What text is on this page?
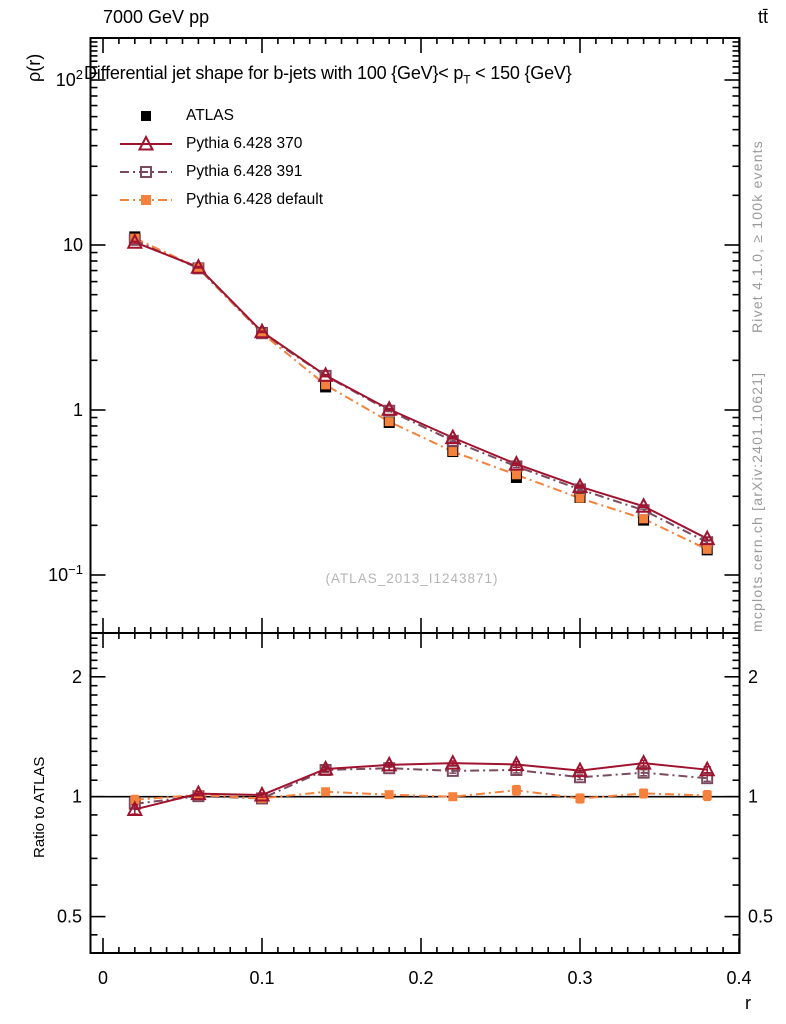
7000 GeV pp	tt̄
ρ(r)
Ratio to ATLAS
Rivet 4.1.0, ≥ 100k events
mcplots.cern.ch [arXiv:2401.10621]
0	0.1	0.2	0.3	0.4
r
$10^2$
10
1
$10^{-1}$
2	2
1	1
0.5	0.5
Differential jet shape for b-jets with 100 $\{GeV\}< p_T < 150$ {GeV}
(ATLAS_2013_I1243871)
ATLAS
Pythia 6.428 370
Pythia 6.428 391
Pythia 6.428 default
